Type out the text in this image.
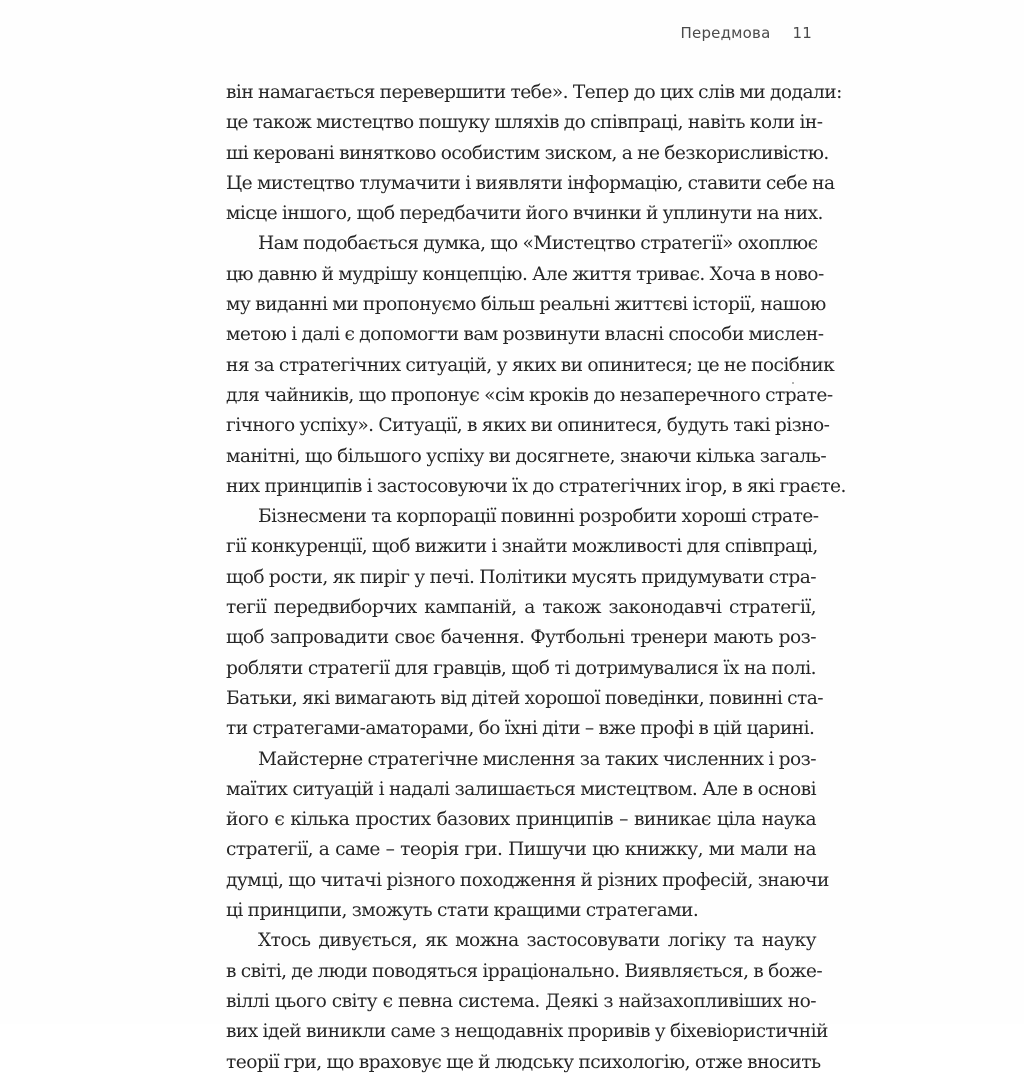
Передмова 11
він намагається перевершити тебе». Тепер до цих слів ми додали:
це також мистецтво пошуку шляхів до співпраці, навіть коли ін-
ші керовані винятково особистим зиском, а не безкорисливістю.
Це мистецтво тлумачити і виявляти інформацію, ставити себе на
місце іншого, щоб передбачити його вчинки й уплинути на них.
Нам подобається думка, що «Мистецтво стратегії» охоплює
цю давню й мудрішу концепцію. Але життя триває. Хоча в ново-
му виданні ми пропонуємо більш реальні життєві історії, нашою
метою і далі є допомогти вам розвинути власні способи мислен-
ня за стратегічних ситуацій, у яких ви опинитеся; це не посібник
для чайників, що пропонує «сім кроків до незаперечного страте-
гічного успіху». Ситуації, в яких ви опинитеся, будуть такі різно-
манітні, що більшого успіху ви досягнете, знаючи кілька загаль-
них принципів і застосовуючи їх до стратегічних ігор, в які граєте.
Бізнесмени та корпорації повинні розробити хороші страте-
гії конкуренції, щоб вижити і знайти можливості для співпраці,
щоб рости, як пиріг у печі. Політики мусять придумувати стра-
тегії передвиборчих кампаній, а також законодавчі стратегії,
щоб запровадити своє бачення. Футбольні тренери мають роз-
робляти стратегії для гравців, щоб ті дотримувалися їх на полі.
Батьки, які вимагають від дітей хорошої поведінки, повинні ста-
ти стратегами-аматорами, бо їхні діти – вже профі в цій царині.
Майстерне стратегічне мислення за таких численних і роз-
маїтих ситуацій і надалі залишається мистецтвом. Але в основі
його є кілька простих базових принципів – виникає ціла наука
стратегії, а саме – теорія гри. Пишучи цю книжку, ми мали на
думці, що читачі різного походження й різних професій, знаючи
ці принципи, зможуть стати кращими стратегами.
Хтось дивується, як можна застосовувати логіку та науку
в світі, де люди поводяться ірраціонально. Виявляється, в боже-
віллі цього світу є певна система. Деякі з найзахопливіших но-
вих ідей виникли саме з нещодавніх проривів у біхевіористичній
теорії гри, що враховує ще й людську психологію, отже вносить
